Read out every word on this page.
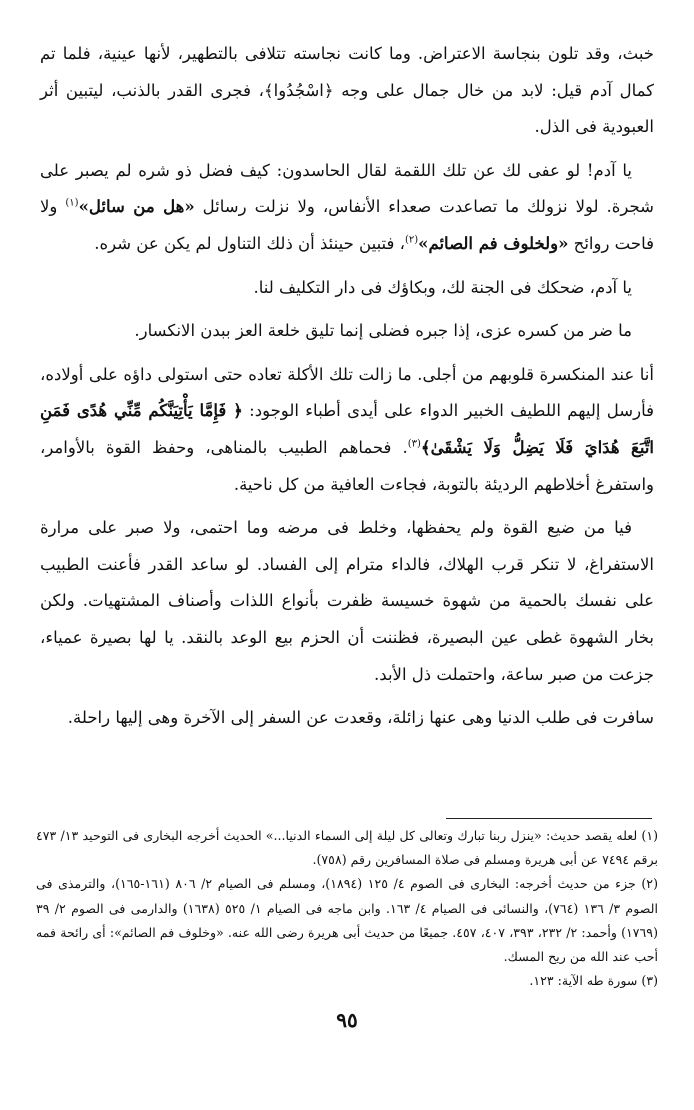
خبث، وقد تلون بنجاسة الاعتراض. وما كانت نجاسته تتلافى بالتطهير، لأنها عينية، فلما تم كمال آدم قيل: لابد من خال جمال على وجه ﴿اسْجُدُوا﴾، فجرى القدر بالذنب، ليتبين أثر العبودية فى الذل.

يا آدم! لو عفى لك عن تلك اللقمة لقال الحاسدون: كيف فضل ذو شره لم يصبر على شجرة. لولا نزولك ما تصاعدت صعداء الأنفاس، ولا نزلت رسائل «هل من سائل»$^{(١)}$ ولا فاحت روائح «ولخلوف فم الصائم»$^{(٢)}$، فتبين حينئذ أن ذلك التناول لم يكن عن شره.

يا آدم، ضحكك فى الجنة لك، وبكاؤك فى دار التكليف لنا.

ما ضر من كسره عزى، إذا جبره فضلى إنما تليق خلعة العز ببدن الانكسار.

أنا عند المنكسرة قلوبهم من أجلى. ما زالت تلك الأكلة تعاده حتى استولى داؤه على أولاده، فأرسل إليهم اللطيف الخبير الدواء على أيدى أطباء الوجود: ﴿ فَإِمَّا يَأْتِيَنَّكُم مِّنِّي هُدًى فَمَنِ اتَّبَعَ هُدَايَ فَلَا يَضِلُّ وَلَا يَشْقَىٰ﴾$^{(٣)}$. فحماهم الطبيب بالمناهى، وحفظ القوة بالأوامر، واستفرغ أخلاطهم الرديئة بالتوبة، فجاءت العافية من كل ناحية.

فيا من ضيع القوة ولم يحفظها، وخلط فى مرضه وما احتمى، ولا صبر على مرارة الاستفراغ، لا تنكر قرب الهلاك، فالداء مترام إلى الفساد. لو ساعد القدر فأعنت الطبيب على نفسك بالحمية من شهوة خسيسة ظفرت بأنواع اللذات وأصناف المشتهيات. ولكن بخار الشهوة غطى عين البصيرة، فظننت أن الحزم بيع الوعد بالنقد. يا لها بصيرة عمياء، جزعت من صبر ساعة، واحتملت ذل الأبد.

سافرت فى طلب الدنيا وهى عنها زائلة، وقعدت عن السفر إلى الآخرة وهى إليها راحلة.

(١) لعله يقصد حديث: «ينزل ربنا تبارك وتعالى كل ليلة إلى السماء الدنيا...» الحديث أخرجه البخارى فى التوحيد ١٣/ ٤٧٣ برقم ٧٤٩٤ عن أبى هريرة ومسلم فى صلاة المسافرين رقم (٧٥٨).

(٢) جزء من حديث أخرجه: البخارى فى الصوم ٤/ ١٢٥ (١٨٩٤)، ومسلم فى الصيام ٢/ ٨٠٦ (١٦١-١٦٥)، والترمذى فى الصوم ٣/ ١٣٦ (٧٦٤)، والنسائى فى الصيام ٤/ ١٦٣. وابن ماجه فى الصيام ١/ ٥٢٥ (١٦٣٨) والدارمى فى الصوم ٢/ ٣٩ (١٧٦٩) وأحمد: ٢/ ٢٣٢، ٣٩٣، ٤٠٧، ٤٥٧. جميعًا من حديث أبى هريرة رضى الله عنه. «وخلوف فم الصائم»: أى رائحة فمه أحب عند الله من ريح المسك.

(٣) سورة طه الآية: ١٢٣.

٩٥
